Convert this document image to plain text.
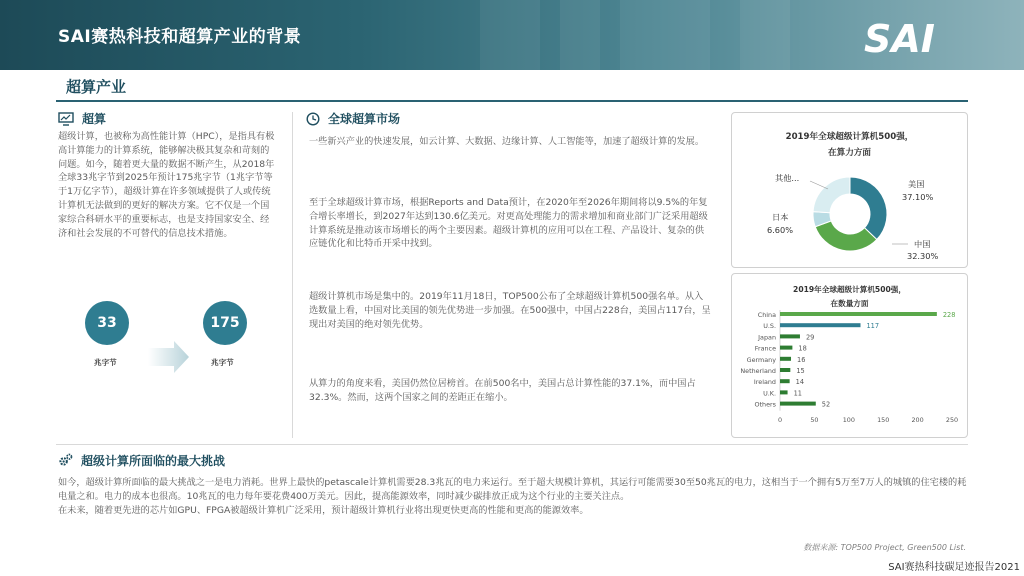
SAI赛热科技和超算产业的背景	SAI
超算产业
超算
超级计算，也被称为高性能计算（HPC），是指具有极高计算能力的计算系统，能够解决极其复杂和苛刻的问题。如今，随着更大量的数据不断产生，从2018年全球33兆字节到2025年预计175兆字节（1兆字节等于1万亿字节），超级计算在许多领域提供了人或传统计算机无法做到的更好的解决方案。它不仅是一个国家综合科研水平的重要标志，也是支持国家安全、经济和社会发展的不可替代的信息技术措施。
33
兆字节
175
兆字节
全球超算市场
一些新兴产业的快速发展，如云计算、大数据、边缘计算、人工智能等，加速了超级计算的发展。
至于全球超级计算市场，根据Reports and Data预计，在2020年至2026年期间将以9.5%的年复合增长率增长，到2027年达到130.6亿美元。对更高处理能力的需求增加和商业部门广泛采用超级计算系统是推动该市场增长的两个主要因素。超级计算机的应用可以在工程、产品设计、复杂的供应链优化和比特币开采中找到。
超级计算机市场是集中的。2019年11月18日，TOP500公布了全球超级计算机500强名单。从入选数量上看，中国对比美国的领先优势进一步加强。在500强中，中国占228台，美国占117台，呈现出对美国的绝对领先优势。
从算力的角度来看，美国仍然位居榜首。在前500名中，美国占总计算性能的37.1%，而中国占32.3%。然而，这两个国家之间的差距正在缩小。
2019年全球超级计算机500强，
在算力方面
美国
37.10%
中国
32.30%
日本
6.60%
其他...
2019年全球超级计算机500强，
在数量方面
China	228
U.S.	117
Japan	29
France	18
Germany	16
Netherland	15
Ireland	14
U.K.	11
Others	52
0	50	100	150	200	250
超级计算所面临的最大挑战
如今，超级计算所面临的最大挑战之一是电力消耗。世界上最快的petascale计算机需要28.3兆瓦的电力来运行。至于超大规模计算机，其运行可能需要30至50兆瓦的电力，这相当于一个拥有5万至7万人的城镇的住宅楼的耗电量之和。电力的成本也很高。10兆瓦的电力每年要花费400万美元。因此，提高能源效率，同时减少碳排放正成为这个行业的主要关注点。
在未来，随着更先进的芯片如GPU、FPGA被超级计算机广泛采用，预计超级计算机行业将出现更快更高的性能和更高的能源效率。
数据来源: TOP500 Project, Green500 List.
SAI赛热科技碳足迹报告2021
